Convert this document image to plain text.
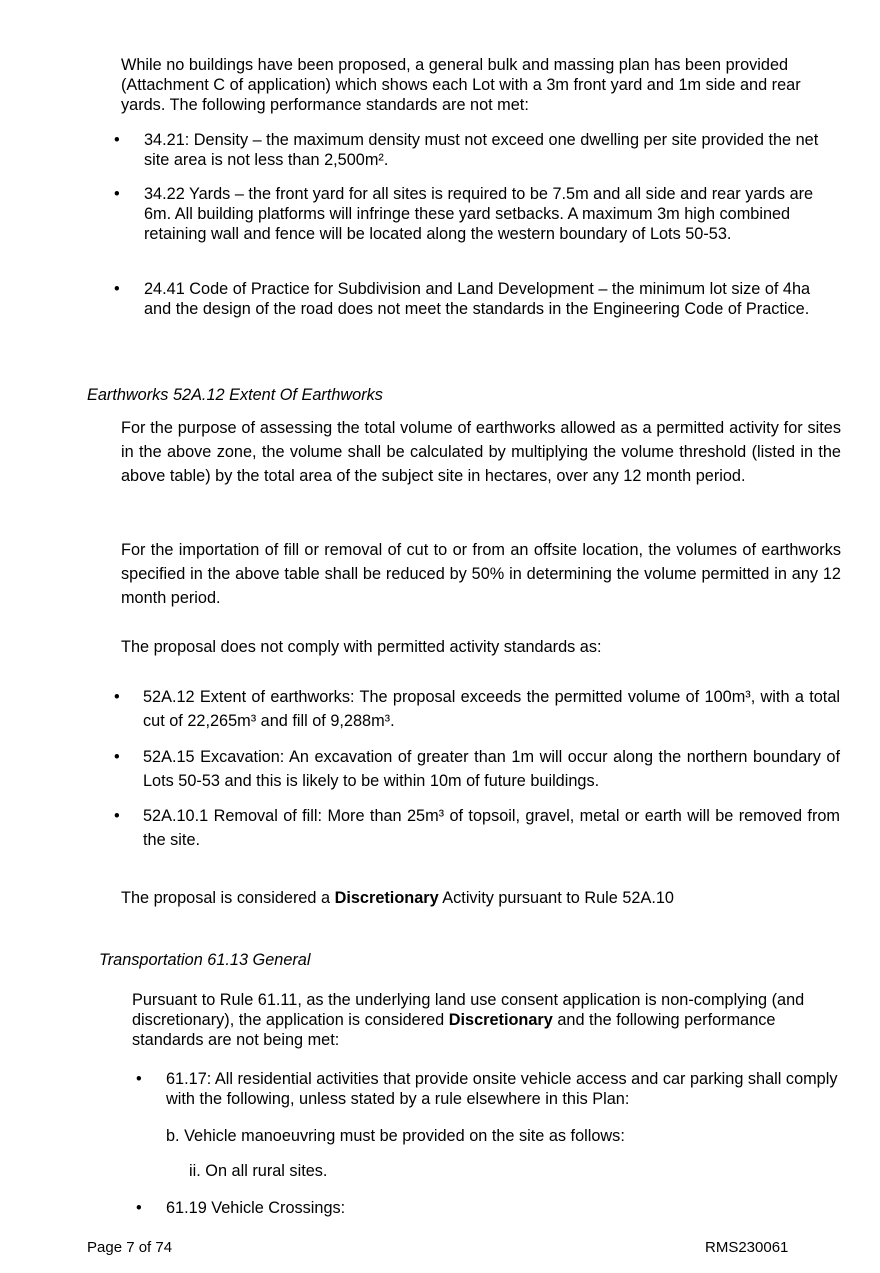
While no buildings have been proposed, a general bulk and massing plan has been provided (Attachment C of application) which shows each Lot with a 3m front yard and 1m side and rear yards. The following performance standards are not met:

• 34.21: Density – the maximum density must not exceed one dwelling per site provided the net site area is not less than 2,500m².

• 34.22 Yards – the front yard for all sites is required to be 7.5m and all side and rear yards are 6m. All building platforms will infringe these yard setbacks. A maximum 3m high combined retaining wall and fence will be located along the western boundary of Lots 50-53.

• 24.41 Code of Practice for Subdivision and Land Development – the minimum lot size of 4ha and the design of the road does not meet the standards in the Engineering Code of Practice.

Earthworks 52A.12 Extent Of Earthworks

For the purpose of assessing the total volume of earthworks allowed as a permitted activity for sites in the above zone, the volume shall be calculated by multiplying the volume threshold (listed in the above table) by the total area of the subject site in hectares, over any 12 month period.

For the importation of fill or removal of cut to or from an offsite location, the volumes of earthworks specified in the above table shall be reduced by 50% in determining the volume permitted in any 12 month period.

The proposal does not comply with permitted activity standards as:

• 52A.12 Extent of earthworks: The proposal exceeds the permitted volume of 100m³, with a total cut of 22,265m³ and fill of 9,288m³.

• 52A.15 Excavation: An excavation of greater than 1m will occur along the northern boundary of Lots 50-53 and this is likely to be within 10m of future buildings.

• 52A.10.1 Removal of fill: More than 25m³ of topsoil, gravel, metal or earth will be removed from the site.

The proposal is considered a Discretionary Activity pursuant to Rule 52A.10

Transportation 61.13 General

Pursuant to Rule 61.11, as the underlying land use consent application is non-complying (and discretionary), the application is considered Discretionary and the following performance standards are not being met:

• 61.17: All residential activities that provide onsite vehicle access and car parking shall comply with the following, unless stated by a rule elsewhere in this Plan:

b. Vehicle manoeuvring must be provided on the site as follows:

ii. On all rural sites.

• 61.19 Vehicle Crossings:

Page 7 of 74	RMS230061
